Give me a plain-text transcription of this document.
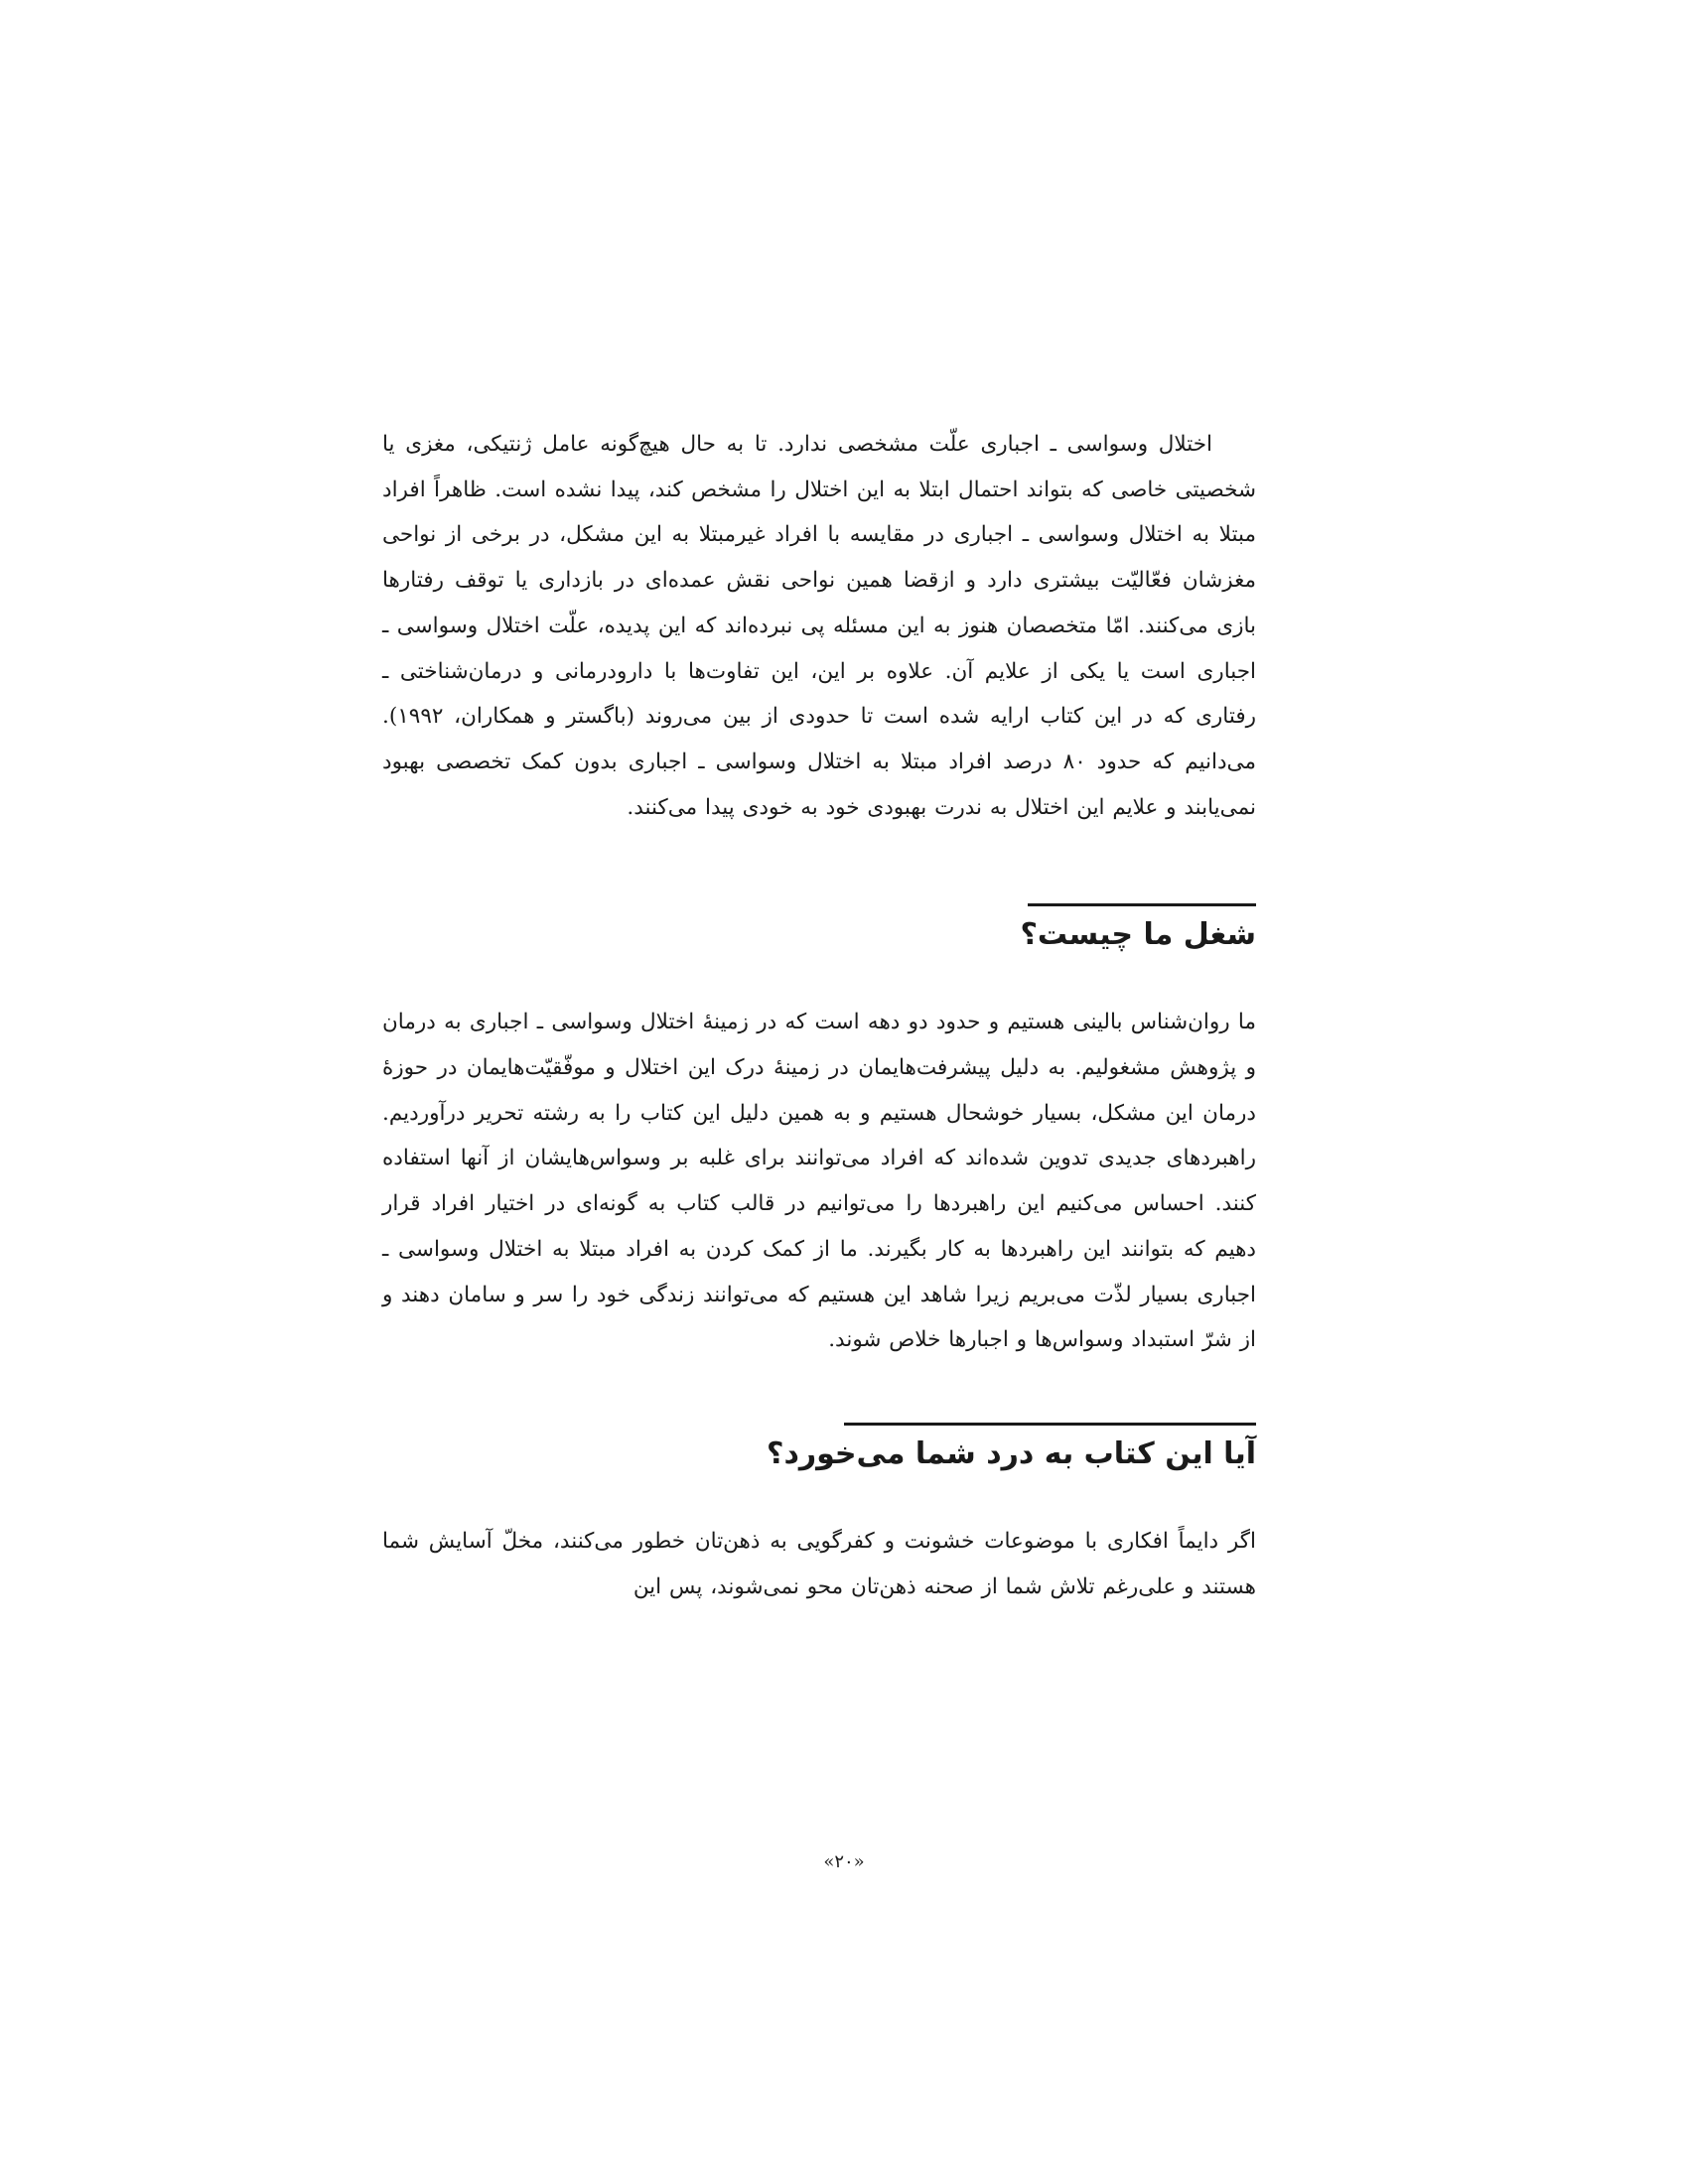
اختلال وسواسی ـ اجباری علّت مشخصی ندارد. تا به حال هیچ‌گونه عامل ژنتیکی، مغزی یا شخصیتی خاصی که بتواند احتمال ابتلا به این اختلال را مشخص کند، پیدا نشده است. ظاهراً افراد مبتلا به اختلال وسواسی ـ اجباری در مقایسه با افراد غیرمبتلا به این مشکل، در برخی از نواحی مغزشان فعّالیّت بیشتری دارد و ازقضا همین نواحی نقش عمده‌ای در بازداری یا توقف رفتارها بازی می‌کنند. امّا متخصصان هنوز به این مسئله پی نبرده‌اند که این پدیده، علّت اختلال وسواسی ـ اجباری است یا یکی از علایم آن. علاوه بر این، این تفاوت‌ها با دارودرمانی و درمان‌شناختی ـ رفتاری که در این کتاب ارایه شده است تا حدودی از بین می‌روند (باگستر و همکاران، ۱۹۹۲). می‌دانیم که حدود ۸۰ درصد افراد مبتلا به اختلال وسواسی ـ اجباری بدون کمک تخصصی بهبود نمی‌یابند و علایم این اختلال به ندرت بهبودی خود به خودی پیدا می‌کنند.

شغل ما چیست؟

ما روان‌شناس بالینی هستیم و حدود دو دهه است که در زمینهٔ اختلال وسواسی ـ اجباری به درمان و پژوهش مشغولیم. به دلیل پیشرفت‌هایمان در زمینهٔ درک این اختلال و موفّقیّت‌هایمان در حوزهٔ درمان این مشکل، بسیار خوشحال هستیم و به همین دلیل این کتاب را به رشته تحریر درآوردیم. راهبردهای جدیدی تدوین شده‌اند که افراد می‌توانند برای غلبه بر وسواس‌هایشان از آنها استفاده کنند. احساس می‌کنیم این راهبردها را می‌توانیم در قالب کتاب به گونه‌ای در اختیار افراد قرار دهیم که بتوانند این راهبردها به کار بگیرند. ما از کمک کردن به افراد مبتلا به اختلال وسواسی ـ اجباری بسیار لذّت می‌بریم زیرا شاهد این هستیم که می‌توانند زندگی خود را سر و سامان دهند و از شرّ استبداد وسواس‌ها و اجبارها خلاص شوند.

آیا این کتاب به درد شما می‌خورد؟

اگر دایماً افکاری با موضوعات خشونت و کفرگویی به ذهن‌تان خطور می‌کنند، مخلّ آسایش شما هستند و علی‌رغم تلاش شما از صحنه ذهن‌تان محو نمی‌شوند، پس این

«۲۰»
